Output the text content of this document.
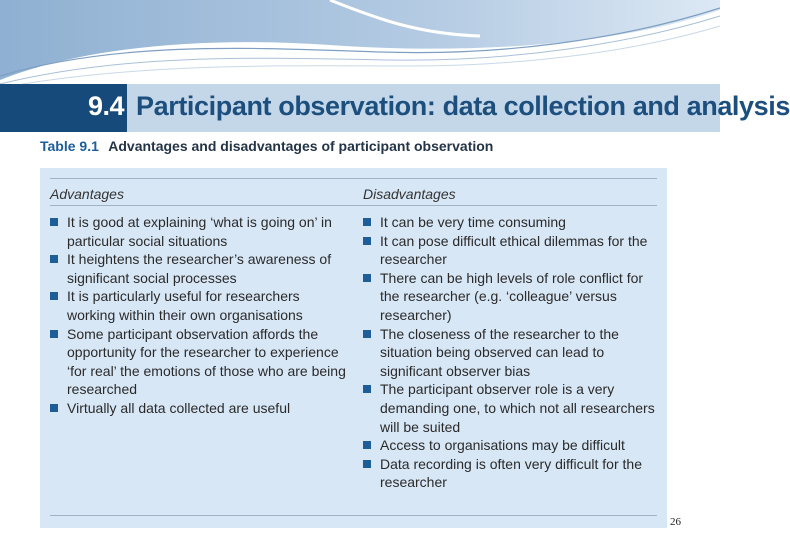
9.4 Participant observation: data collection and analysis
Table 9.1 Advantages and disadvantages of participant observation
Advantages	Disadvantages
It is good at explaining ‘what is going on’ in particular social situations
It heightens the researcher’s awareness of significant social processes
It is particularly useful for researchers working within their own organisations
Some participant observation affords the opportunity for the researcher to experience ‘for real’ the emotions of those who are being researched
Virtually all data collected are useful
It can be very time consuming
It can pose difficult ethical dilemmas for the researcher
There can be high levels of role conflict for the researcher (e.g. ‘colleague’ versus researcher)
The closeness of the researcher to the situation being observed can lead to significant observer bias
The participant observer role is a very demanding one, to which not all researchers will be suited
Access to organisations may be difficult
Data recording is often very difficult for the researcher
26
